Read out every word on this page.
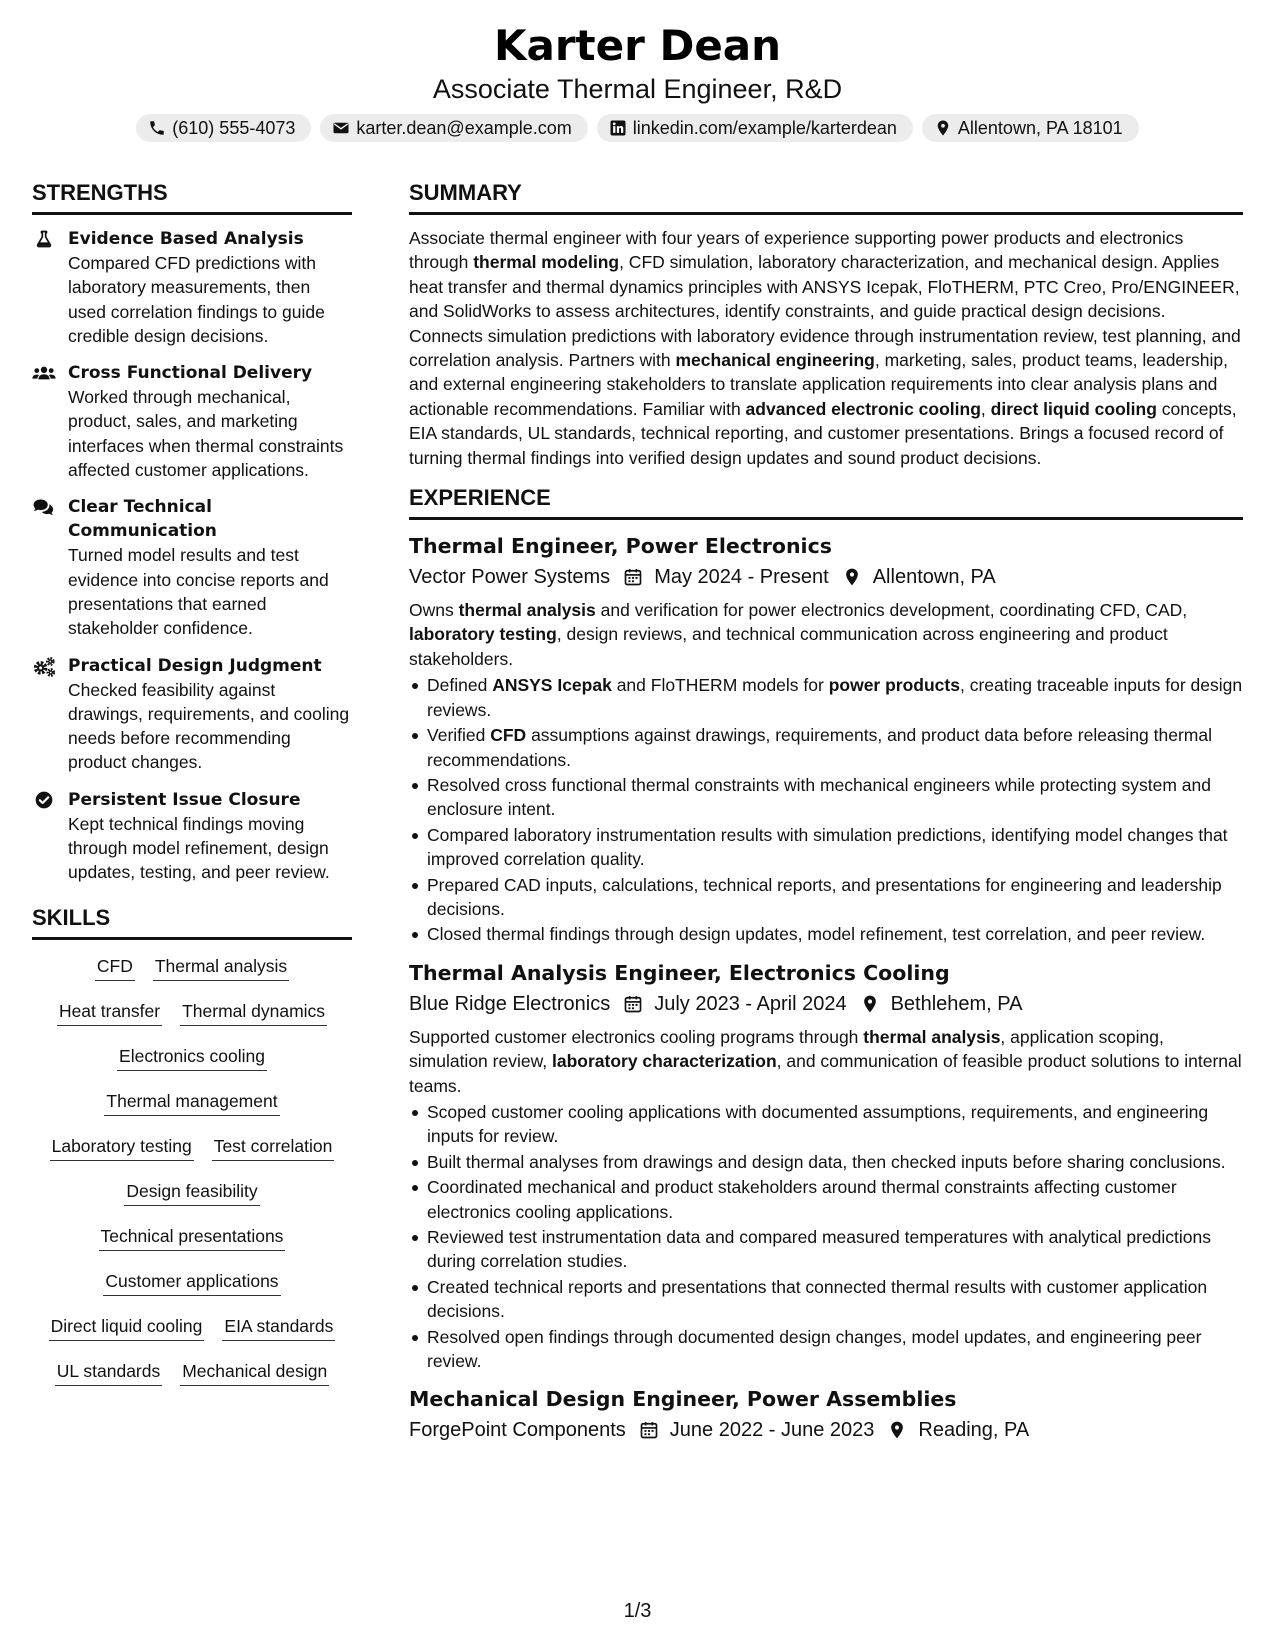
Karter Dean
Associate Thermal Engineer, R&D
(610) 555-4073	karter.dean@example.com	linkedin.com/example/karterdean	Allentown, PA 18101
STRENGTHS
Evidence Based Analysis
Compared CFD predictions with laboratory measurements, then used correlation findings to guide credible design decisions.
Cross Functional Delivery
Worked through mechanical, product, sales, and marketing interfaces when thermal constraints affected customer applications.
Clear Technical Communication
Turned model results and test evidence into concise reports and presentations that earned stakeholder confidence.
Practical Design Judgment
Checked feasibility against drawings, requirements, and cooling needs before recommending product changes.
Persistent Issue Closure
Kept technical findings moving through model refinement, design updates, testing, and peer review.
SKILLS
CFD Thermal analysis
Heat transfer Thermal dynamics
Electronics cooling
Thermal management
Laboratory testing Test correlation
Design feasibility
Technical presentations
Customer applications
Direct liquid cooling EIA standards
UL standards Mechanical design
SUMMARY
Associate thermal engineer with four years of experience supporting power products and electronics through thermal modeling, CFD simulation, laboratory characterization, and mechanical design. Applies heat transfer and thermal dynamics principles with ANSYS Icepak, FloTHERM, PTC Creo, Pro/ENGINEER, and SolidWorks to assess architectures, identify constraints, and guide practical design decisions. Connects simulation predictions with laboratory evidence through instrumentation review, test planning, and correlation analysis. Partners with mechanical engineering, marketing, sales, product teams, leadership, and external engineering stakeholders to translate application requirements into clear analysis plans and actionable recommendations. Familiar with advanced electronic cooling, direct liquid cooling concepts, EIA standards, UL standards, technical reporting, and customer presentations. Brings a focused record of turning thermal findings into verified design updates and sound product decisions.
EXPERIENCE
Thermal Engineer, Power Electronics
Vector Power Systems May 2024 - Present Allentown, PA
Owns thermal analysis and verification for power electronics development, coordinating CFD, CAD, laboratory testing, design reviews, and technical communication across engineering and product stakeholders.
Defined ANSYS Icepak and FloTHERM models for power products, creating traceable inputs for design reviews.
Verified CFD assumptions against drawings, requirements, and product data before releasing thermal recommendations.
Resolved cross functional thermal constraints with mechanical engineers while protecting system and enclosure intent.
Compared laboratory instrumentation results with simulation predictions, identifying model changes that improved correlation quality.
Prepared CAD inputs, calculations, technical reports, and presentations for engineering and leadership decisions.
Closed thermal findings through design updates, model refinement, test correlation, and peer review.
Thermal Analysis Engineer, Electronics Cooling
Blue Ridge Electronics July 2023 - April 2024 Bethlehem, PA
Supported customer electronics cooling programs through thermal analysis, application scoping, simulation review, laboratory characterization, and communication of feasible product solutions to internal teams.
Scoped customer cooling applications with documented assumptions, requirements, and engineering inputs for review.
Built thermal analyses from drawings and design data, then checked inputs before sharing conclusions.
Coordinated mechanical and product stakeholders around thermal constraints affecting customer electronics cooling applications.
Reviewed test instrumentation data and compared measured temperatures with analytical predictions during correlation studies.
Created technical reports and presentations that connected thermal results with customer application decisions.
Resolved open findings through documented design changes, model updates, and engineering peer review.
Mechanical Design Engineer, Power Assemblies
ForgePoint Components June 2022 - June 2023 Reading, PA
1/3
